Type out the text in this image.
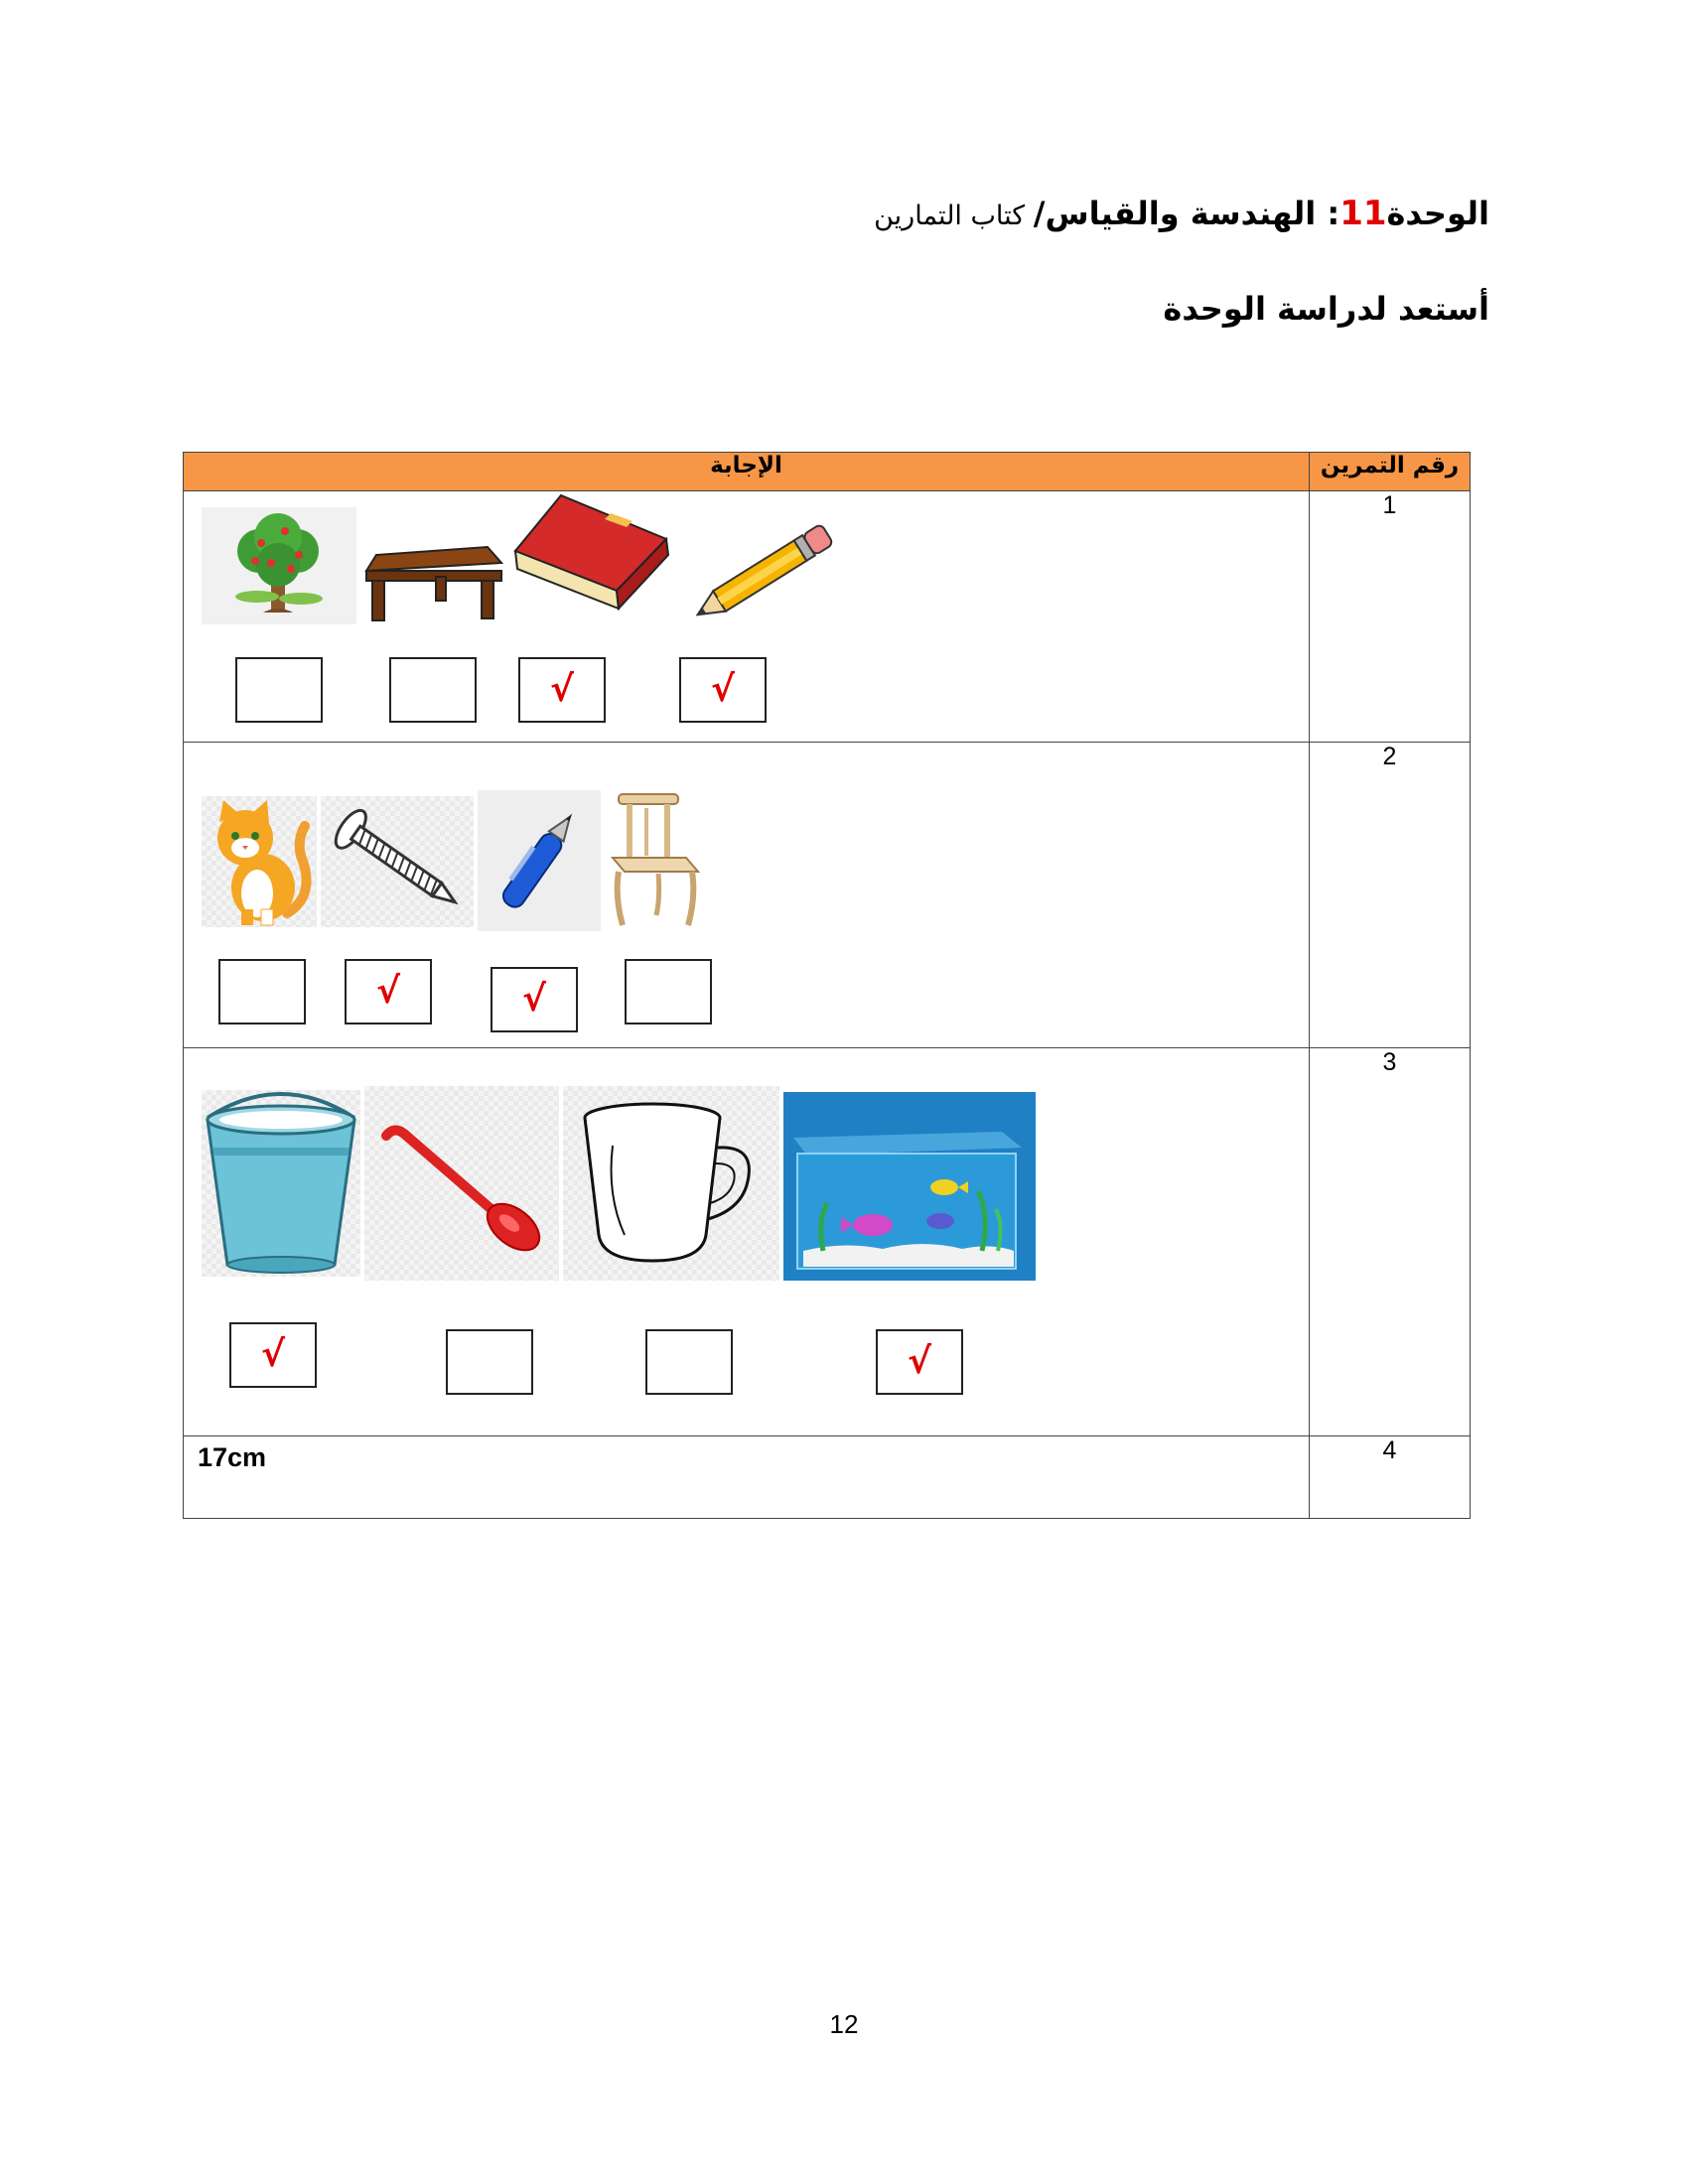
الوحدة11: الهندسة والقياس/ كتاب التمارين
أستعد لدراسة الوحدة
الإجابة	رقم التمرين

√ √	1

√ √	2

√ √	3

17cm	4
12
